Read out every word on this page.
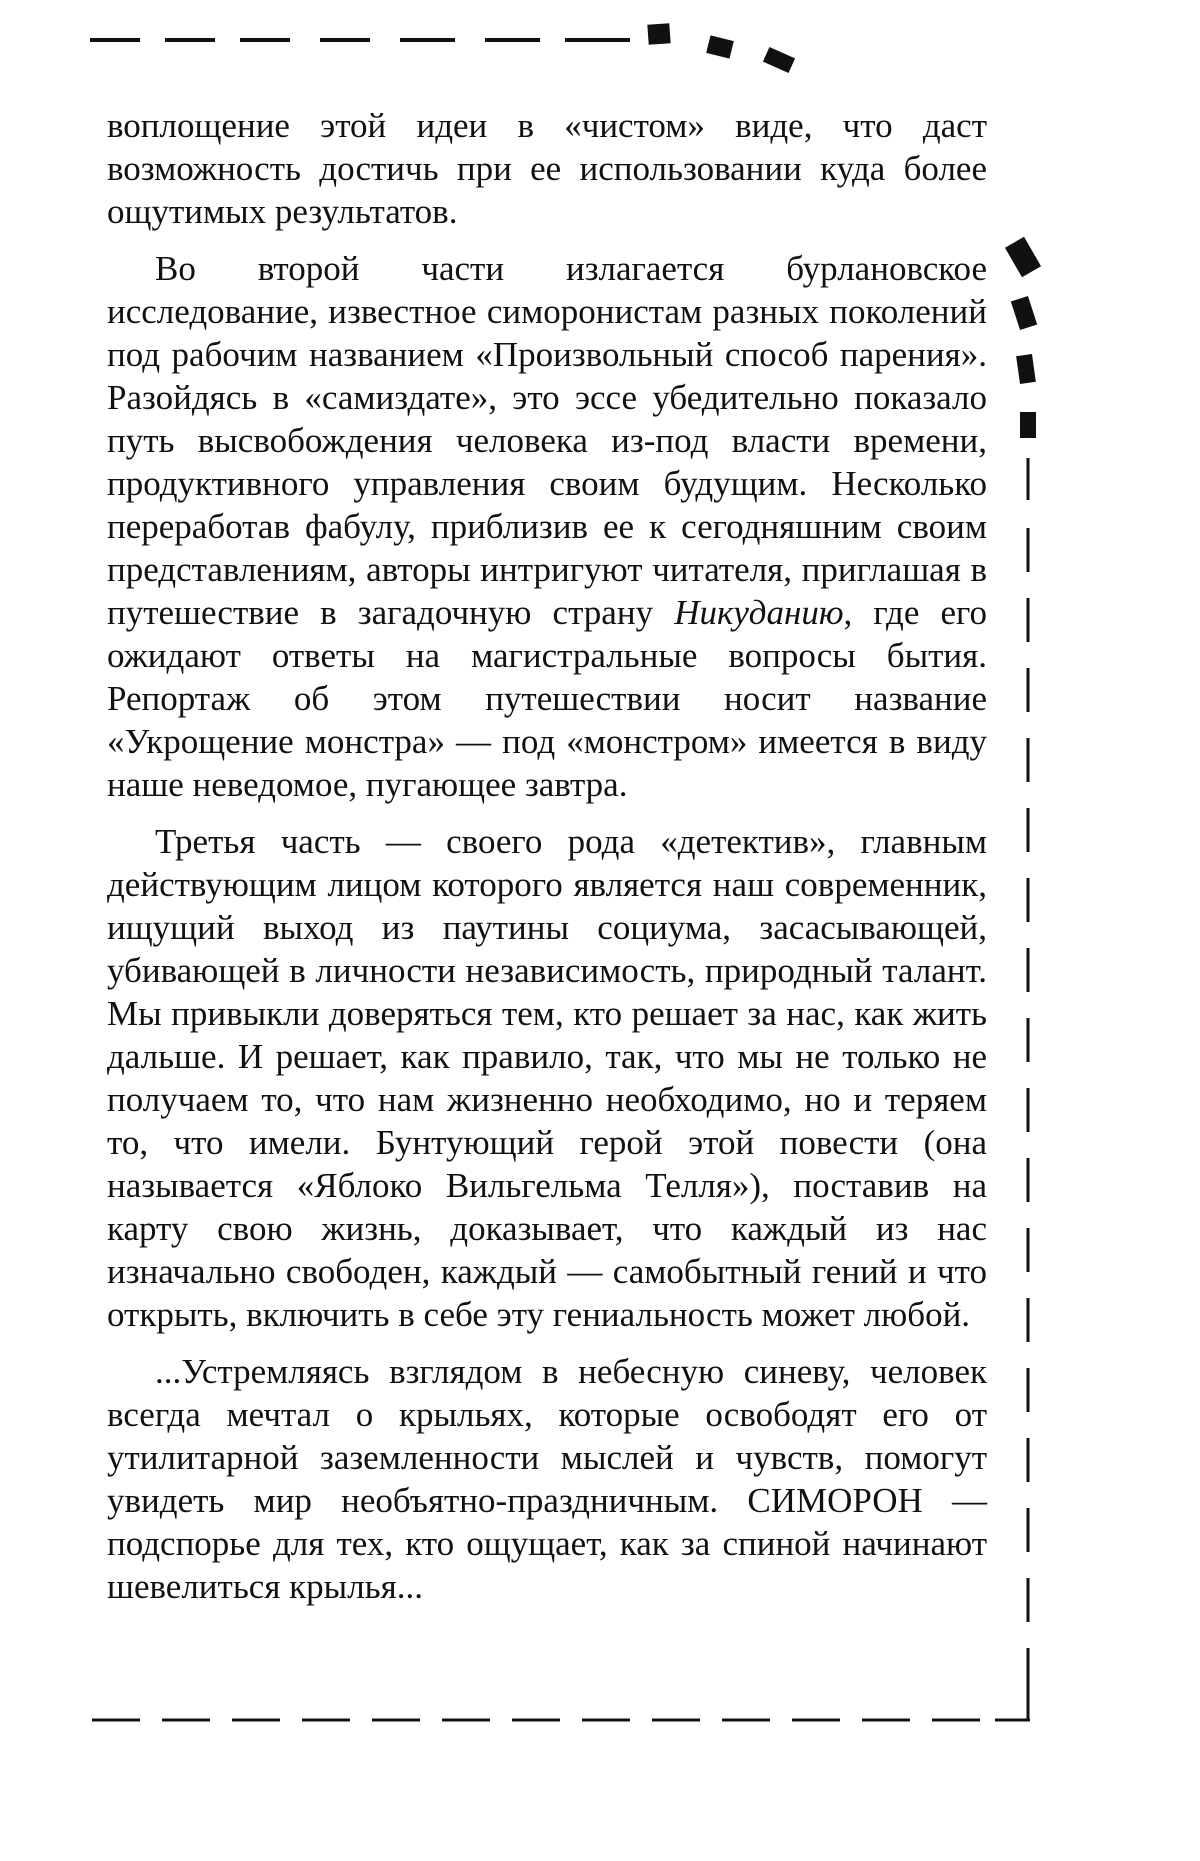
воплощение этой идеи в «чистом» виде, что даст возможность достичь при ее использовании куда более ощутимых результатов.

Во второй части излагается бурлановское исследование, известное симоронистам разных поколений под рабочим названием «Произвольный способ парения». Разойдясь в «самиздате», это эссе убедительно показало путь высвобождения человека из-под власти времени, продуктивного управления своим будущим. Несколько переработав фабулу, приблизив ее к сегодняшним своим представлениям, авторы интригуют читателя, приглашая в путешествие в загадочную страну Никуданию, где его ожидают ответы на магистральные вопросы бытия. Репортаж об этом путешествии носит название «Укрощение монстра» — под «монстром» имеется в виду наше неведомое, пугающее завтра.

Третья часть — своего рода «детектив», главным действующим лицом которого является наш современник, ищущий выход из паутины социума, засасывающей, убивающей в личности независимость, природный талант. Мы привыкли доверяться тем, кто решает за нас, как жить дальше. И решает, как правило, так, что мы не только не получаем то, что нам жизненно необходимо, но и теряем то, что имели. Бунтующий герой этой повести (она называется «Яблоко Вильгельма Телля»), поставив на карту свою жизнь, доказывает, что каждый из нас изначально свободен, каждый — самобытный гений и что открыть, включить в себе эту гениальность может любой.

...Устремляясь взглядом в небесную синеву, человек всегда мечтал о крыльях, которые освободят его от утилитарной заземленности мыслей и чувств, помогут увидеть мир необъятно-праздничным. СИМОРОН — подспорье для тех, кто ощущает, как за спиной начинают шевелиться крылья...
